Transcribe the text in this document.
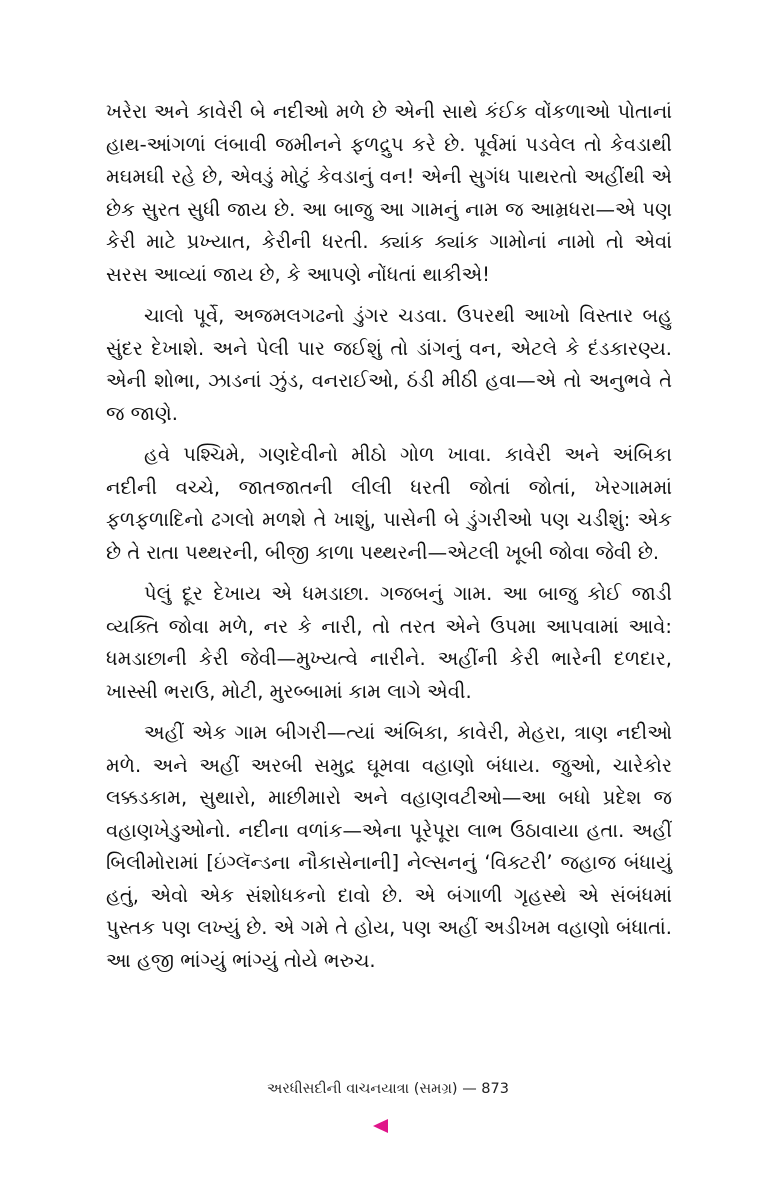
ખરેરા અને કાવેરી બે નદીઓ મળે છે એની સાથે કંઈક વોંકળાઓ પોતાનાં હાથ-આંગળાં લંબાવી જમીનને ફળદ્રુપ કરે છે. પૂર્વમાં પડવેલ તો કેવડાથી મઘમઘી રહે છે, એવડું મોટું કેવડાનું વન! એની સુગંધ પાથરતો અહીંથી એ છેક સુરત સુધી જાય છે. આ બાજુ આ ગામનું નામ જ આમ્રધરા—એ પણ કેરી માટે પ્રખ્યાત, કેરીની ધરતી. ક્યાંક ક્યાંક ગામોનાં નામો તો એવાં સરસ આવ્યાં જાય છે, કે આપણે નોંધતાં થાકીએ!

ચાલો પૂર્વે, અજમલગઢનો ડુંગર ચડવા. ઉપરથી આખો વિસ્તાર બહુ સુંદર દેખાશે. અને પેલી પાર જઈશું તો ડાંગનું વન, એટલે કે દંડકારણ્ય. એની શોભા, ઝાડનાં ઝુંડ, વનરાઈઓ, ઠંડી મીઠી હવા—એ તો અનુભવે તે જ જાણે.

હવે પશ્ચિમે, ગણદેવીનો મીઠો ગોળ ખાવા. કાવેરી અને અંબિકા નદીની વચ્ચે, જાતજાતની લીલી ધરતી જોતાં જોતાં, ખેરગામમાં ફળફળાદિનો ઢગલો મળશે તે ખાશું, પાસેની બે ડુંગરીઓ પણ ચડીશું: એક છે તે રાતા પથ્થરની, બીજી કાળા પથ્થરની—એટલી ખૂબી જોવા જેવી છે.

પેલું દૂર દેખાય એ ધમડાછા. ગજબનું ગામ. આ બાજુ કોઈ જાડી વ્યક્તિ જોવા મળે, નર કે નારી, તો તરત એને ઉપમા આપવામાં આવે: ધમડાછાની કેરી જેવી—મુખ્યત્વે નારીને. અહીંની કેરી ભારેની દળદાર, ખાસ્સી ભરાઉ, મોટી, મુરબ્બામાં કામ લાગે એવી.

અહીં એક ગામ બીગરી—ત્યાં અંબિકા, કાવેરી, મેહરા, ત્રાણ નદીઓ મળે. અને અહીં અરબી સમુદ્ર ઘૂમવા વહાણો બંધાય. જુઓ, ચારેકોર લક્કડકામ, સુથારો, માછીમારો અને વહાણવટીઓ—આ બધો પ્રદેશ જ વહાણખેડુઓનો. નદીના વળાંક—એના પૂરેપૂરા લાભ ઉઠાવાયા હતા. અહીં બિલીમોરામાં [ઇંગ્લૅન્ડના નૌકાસેનાની] નેલ્સનનું ‘વિક્ટરી’ જહાજ બંધાયું હતું, એવો એક સંશોધકનો દાવો છે. એ બંગાળી ગૃહસ્થે એ સંબંધમાં પુસ્તક પણ લખ્યું છે. એ ગમે તે હોય, પણ અહીં અડીખમ વહાણો બંધાતાં. આ હજી ભાંગ્યું ભાંગ્યું તોયે ભરુચ.

અરધીસદીની વાચનયાત્રા (સમગ્ર) — 873
